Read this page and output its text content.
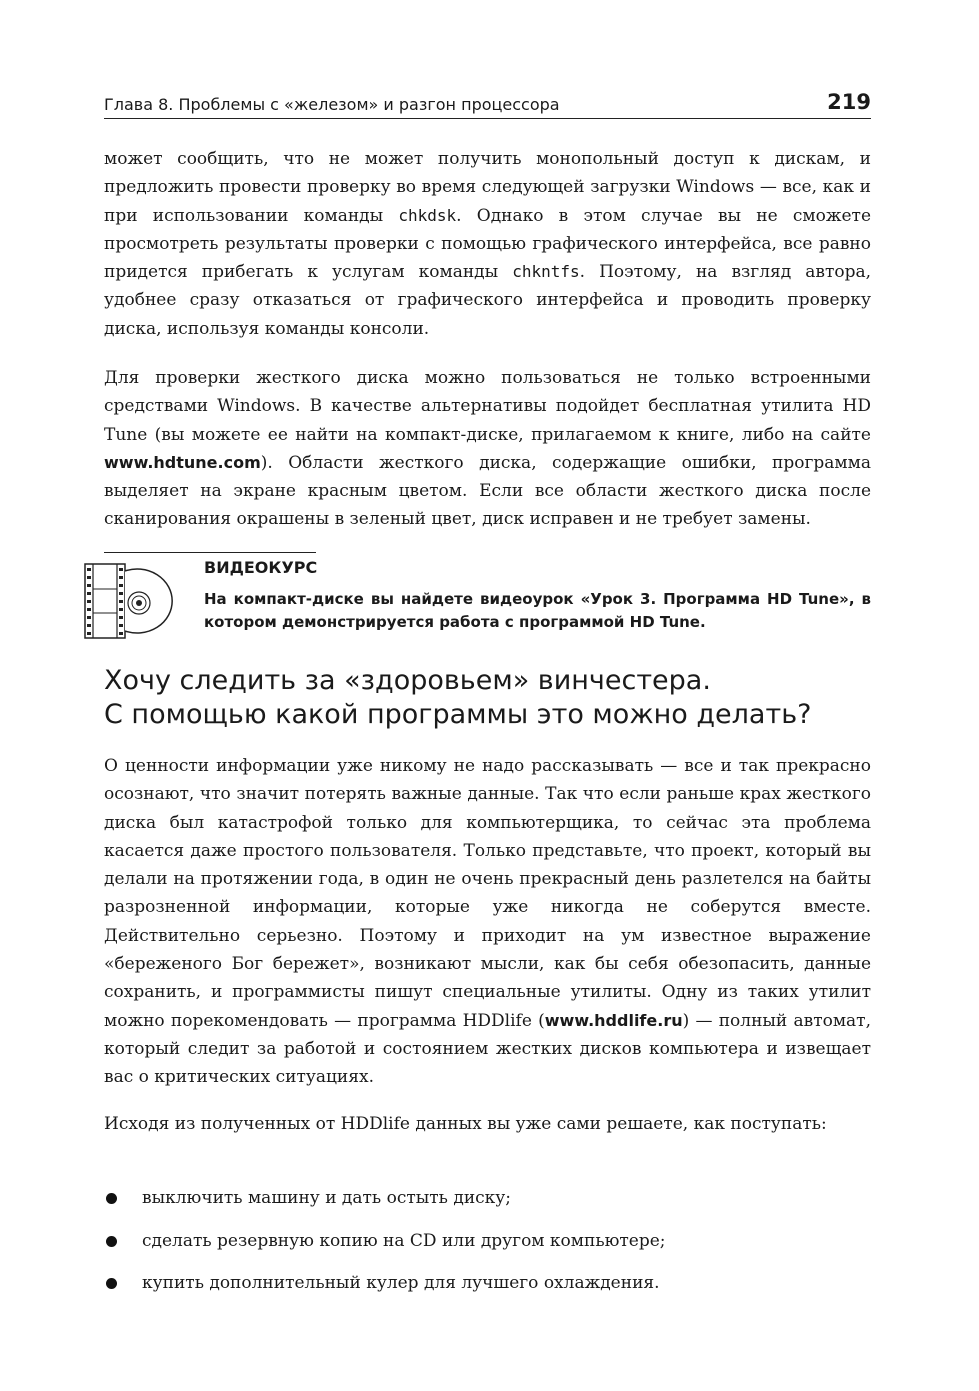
Глава 8. Проблемы с «железом» и разгон процессора	219

может сообщить, что не может получить монопольный доступ к дискам, и предложить провести проверку во время следующей загрузки Windows — все, как и при использовании команды chkdsk. Однако в этом случае вы не сможете просмотреть результаты проверки с помощью графического интерфейса, все равно придется прибегать к услугам команды chkntfs. Поэтому, на взгляд автора, удобнее сразу отказаться от графического интерфейса и проводить проверку диска, используя команды консоли.

Для проверки жесткого диска можно пользоваться не только встроенными средствами Windows. В качестве альтернативы подойдет бесплатная утилита HD Tune (вы можете ее найти на компакт-диске, прилагаемом к книге, либо на сайте www.hdtune.com). Области жесткого диска, содержащие ошибки, программа выделяет на экране красным цветом. Если все области жесткого диска после сканирования окрашены в зеленый цвет, диск исправен и не требует замены.

ВИДЕОКУРС

На компакт-диске вы найдете видеоурок «Урок 3. Программа HD Tune», в котором демонстрируется работа с программой HD Tune.

Хочу следить за «здоровьем» винчестера.
С помощью какой программы это можно делать?

О ценности информации уже никому не надо рассказывать — все и так прекрасно осознают, что значит потерять важные данные. Так что если раньше крах жесткого диска был катастрофой только для компьютерщика, то сейчас эта проблема касается даже простого пользователя. Только представьте, что проект, который вы делали на протяжении года, в один не очень прекрасный день разлетелся на байты разрозненной информации, которые уже никогда не соберутся вместе. Действительно серьезно. Поэтому и приходит на ум известное выражение «береженого Бог бережет», возникают мысли, как бы себя обезопасить, данные сохранить, и программисты пишут специальные утилиты. Одну из таких утилит можно порекомендовать — программа HDDlife (www.hddlife.ru) — полный автомат, который следит за работой и состоянием жестких дисков компьютера и извещает вас о критических ситуациях.

Исходя из полученных от HDDlife данных вы уже сами решаете, как поступать:

выключить машину и дать остыть диску;
сделать резервную копию на CD или другом компьютере;
купить дополнительный кулер для лучшего охлаждения.
